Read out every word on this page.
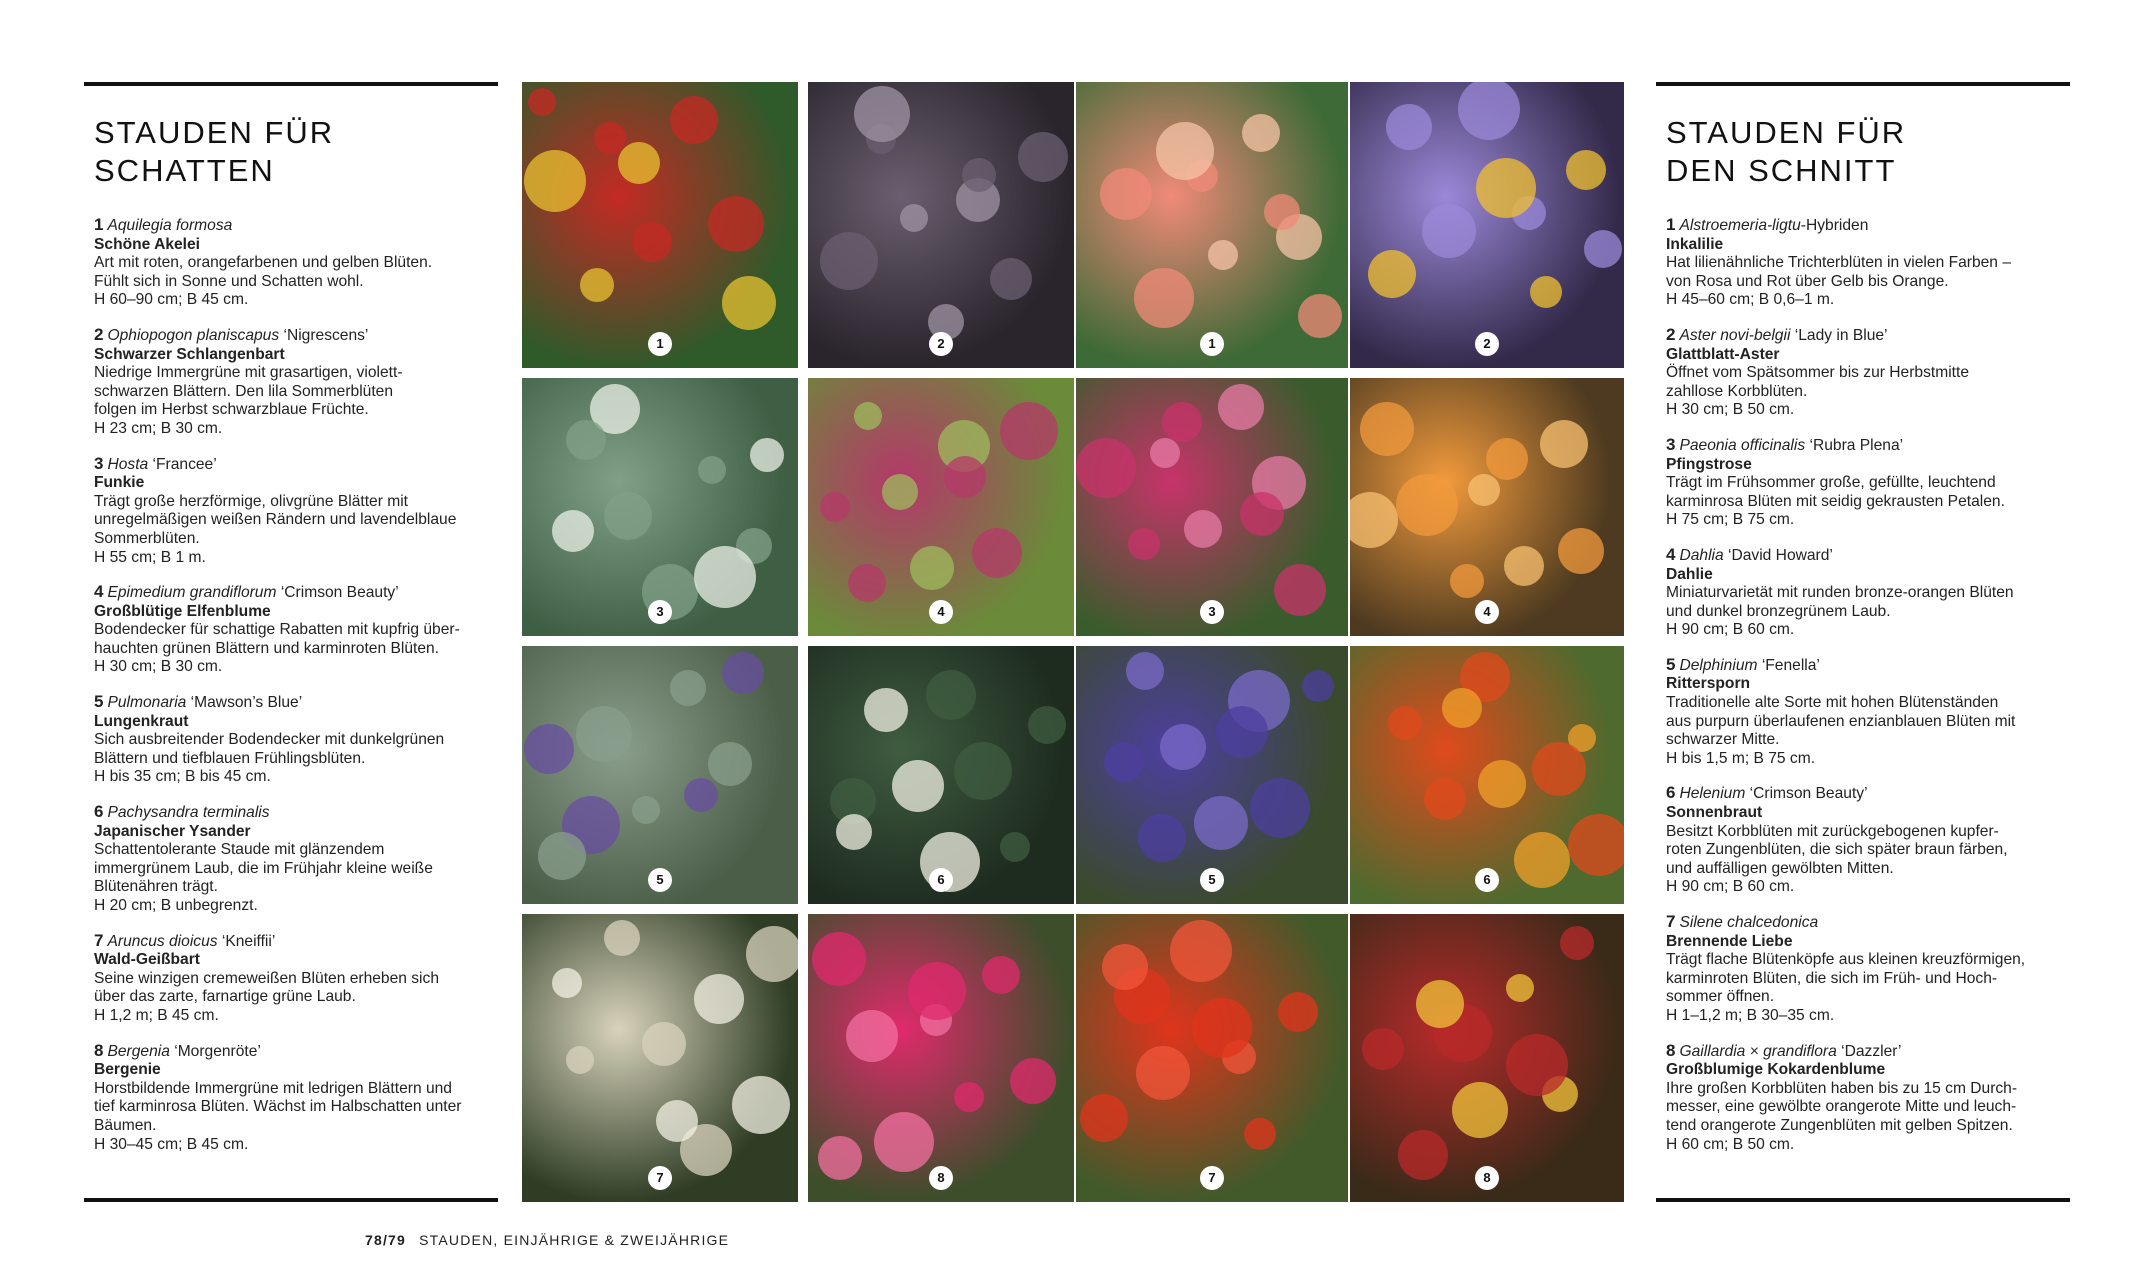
STAUDEN FÜR
SCHATTEN
1 Aquilegia formosa
Schöne Akelei
Art mit roten, orangefarbenen und gelben Blüten.
Fühlt sich in Sonne und Schatten wohl.
H 60–90 cm; B 45 cm.
2 Ophiopogon planiscapus ‘Nigrescens’
Schwarzer Schlangenbart
Niedrige Immergrüne mit grasartigen, violett-
schwarzen Blättern. Den lila Sommerblüten
folgen im Herbst schwarzblaue Früchte.
H 23 cm; B 30 cm.
3 Hosta ‘Francee’
Funkie
Trägt große herzförmige, olivgrüne Blätter mit
unregelmäßigen weißen Rändern und lavendelblaue
Sommerblüten.
H 55 cm; B 1 m.
4 Epimedium grandiflorum ‘Crimson Beauty’
Großblütige Elfenblume
Bodendecker für schattige Rabatten mit kupfrig über-
hauchten grünen Blättern und karminroten Blüten.
H 30 cm; B 30 cm.
5 Pulmonaria ‘Mawson’s Blue’
Lungenkraut
Sich ausbreitender Bodendecker mit dunkelgrünen
Blättern und tiefblauen Frühlingsblüten.
H bis 35 cm; B bis 45 cm.
6 Pachysandra terminalis
Japanischer Ysander
Schattentolerante Staude mit glänzendem
immergrünem Laub, die im Frühjahr kleine weiße
Blütenähren trägt.
H 20 cm; B unbegrenzt.
7 Aruncus dioicus ‘Kneiffii’
Wald-Geißbart
Seine winzigen cremeweißen Blüten erheben sich
über das zarte, farnartige grüne Laub.
H 1,2 m; B 45 cm.
8 Bergenia ‘Morgenröte’
Bergenie
Horstbildende Immergrüne mit ledrigen Blättern und
tief karminrosa Blüten. Wächst im Halbschatten unter
Bäumen.
H 30–45 cm; B 45 cm.
1	2	1	2
3	4	3	4
5	6	5	6
7	8	7	8
STAUDEN FÜR
DEN SCHNITT
1 Alstroemeria-ligtu-Hybriden
Inkalilie
Hat lilienähnliche Trichterblüten in vielen Farben –
von Rosa und Rot über Gelb bis Orange.
H 45–60 cm; B 0,6–1 m.
2 Aster novi-belgii ‘Lady in Blue’
Glattblatt-Aster
Öffnet vom Spätsommer bis zur Herbstmitte
zahllose Korbblüten.
H 30 cm; B 50 cm.
3 Paeonia officinalis ‘Rubra Plena’
Pfingstrose
Trägt im Frühsommer große, gefüllte, leuchtend
karminrosa Blüten mit seidig gekrausten Petalen.
H 75 cm; B 75 cm.
4 Dahlia ‘David Howard’
Dahlie
Miniaturvarietät mit runden bronze-orangen Blüten
und dunkel bronzegrünem Laub.
H 90 cm; B 60 cm.
5 Delphinium ‘Fenella’
Rittersporn
Traditionelle alte Sorte mit hohen Blütenständen
aus purpurn überlaufenen enzianblauen Blüten mit
schwarzer Mitte.
H bis 1,5 m; B 75 cm.
6 Helenium ‘Crimson Beauty’
Sonnenbraut
Besitzt Korbblüten mit zurückgebogenen kupfer-
roten Zungenblüten, die sich später braun färben,
und auffälligen gewölbten Mitten.
H 90 cm; B 60 cm.
7 Silene chalcedonica
Brennende Liebe
Trägt flache Blütenköpfe aus kleinen kreuzförmigen,
karminroten Blüten, die sich im Früh- und Hoch-
sommer öffnen.
H 1–1,2 m; B 30–35 cm.
8 Gaillardia × grandiflora ‘Dazzler’
Großblumige Kokardenblume
Ihre großen Korbblüten haben bis zu 15 cm Durch-
messer, eine gewölbte orangerote Mitte und leuch-
tend orangerote Zungenblüten mit gelben Spitzen.
H 60 cm; B 50 cm.
78/79 STAUDEN, EINJÄHRIGE & ZWEIJÄHRIGE
